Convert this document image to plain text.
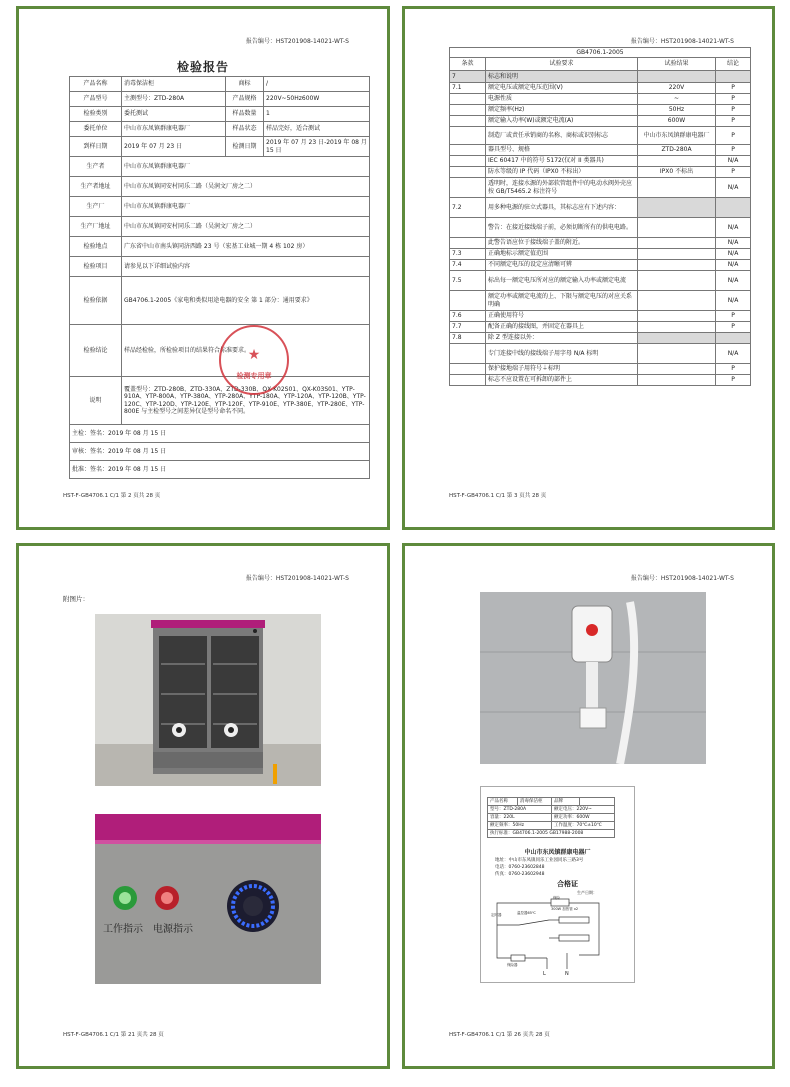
报告编号：HST201908-14021-WT-S
检验报告
产品名称	消毒保洁柜	商标	/
产品型号	主测型号：ZTD-280A	产品规格	220V~50Hz600W
检验类别	委托测试	样品数量	1
委托单位	中山市东凤镇群康电器厂	样品状态	样品完好，适合测试
到样日期	2019 年 07 月 23 日	检测日期	2019 年 07 月 23 日-2019 年 08 月 15 日
生产者	中山市东凤镇群康电器厂		
生产者地址	中山市东凤镇同安村同乐二路（吴润文厂房之二）		
生产厂	中山市东凤镇群康电器厂		
生产厂地址	中山市东凤镇同安村同乐二路（吴润文厂房之二）		
检验地点	广东省中山市南头镇同济西路 23 号（宏基工业城一期 4 栋 102 房）		
检验项目	请参见以下详细试验内容		
检验依据	GB4706.1-2005《家电和类似用途电器的安全 第 1 部分：通用要求》		
检验结论	样品经检验，所检验项目的结果符合标准要求。		
说明	覆盖型号：ZTD-280B、ZTD-330A、ZTD-330B、QX-K02S01、QX-K03S01、YTP-910A、YTP-800A、YTP-380A、YTP-280A、YTP-180A、YTP-120A、YTP-120B、YTP-120C、YTP-120D、YTP-120E、YTP-120F、YTP-910E、YTP-380E、YTP-280E、YTP-800E 与主检型号之间差异仅是型号命名不同。		
主检：签名：2019 年 08 月 15 日			
审核：签名：2019 年 08 月 15 日			
批准：签名：2019 年 08 月 15 日			
★
检测专用章
HST-F-GB4706.1 C/1 第 2 页共 28 页
报告编号：HST201908-14021-WT-S
GB4706.1-2005			
条款	试验要求	试验结果	结论
7	标志和说明		
7.1	额定电压或额定电压范围(V)	220V	P
	电源性质	~	P
	额定频率(Hz)	50Hz	P
	额定输入功率(W)或额定电流(A)	600W	P
	制造厂或责任承销商的名称、商标或识别标志	中山市东凤镇群康电器厂	P
	器具型号、规格	ZTD-280A	P
	IEC 60417 中的符号 5172(仅对 II 类器具)		N/A
	防水等级的 IP 代码（IPX0 不标出）	IPX0 不标出	P
	透明时，连接水源的外部软管组件中的电动水阀外壳应按 GB/T5465.2 标注符号		N/A
7.2	用多种电源的驻立式器具，其标志应有下述内容：		
	警告：在接近接线端子前，必须切断所有的供电电路。		N/A
	此警告语应位于接线端子盖的附近。		N/A
7.3	正确地标示额定值范围		N/A
7.4	不同额定电压的设定应清晰可辨		N/A
7.5	标出每一额定电压所对应的额定输入功率或额定电流		N/A
	额定功率或额定电流的上、下限与额定电压的对应关系明确		N/A
7.6	正确使用符号		P
7.7	配备正确的接线图，并固定在器具上		P
7.8	除 Z 型连接以外：		
	专门连接中线的接线端子用字母 N/A 标明		N/A
	保护接地端子用符号⏚标明		P
	标志不应设置在可拆卸的部件上		P
HST-F-GB4706.1 C/1 第 3 页共 28 页
报告编号：HST201908-14021-WT-S
附图片：
工作指示 电源指示
HST-F-GB4706.1 C/1 第 21 页共 28 页
报告编号：HST201908-14021-WT-S
产品名称	消毒保洁柜	品牌	
型号：ZTD-280A		额定电压：220V~	
容量：220L		额定功率：600W	
额定频率：50Hz		工作温度：70℃±10℃	
执行标准：GB4706.1-2005 GB17988-2008			
中山市东凤镇群康电器厂
地址：中山市东凤镇同乐工业园同乐三路3号
电话：0760-23602848
传真：0760-23602948
合格证
生产日期：
保险
定时器	温控器65℃
300W 加热管 x2
保险器
L	N
HST-F-GB4706.1 C/1 第 26 页共 28 页
